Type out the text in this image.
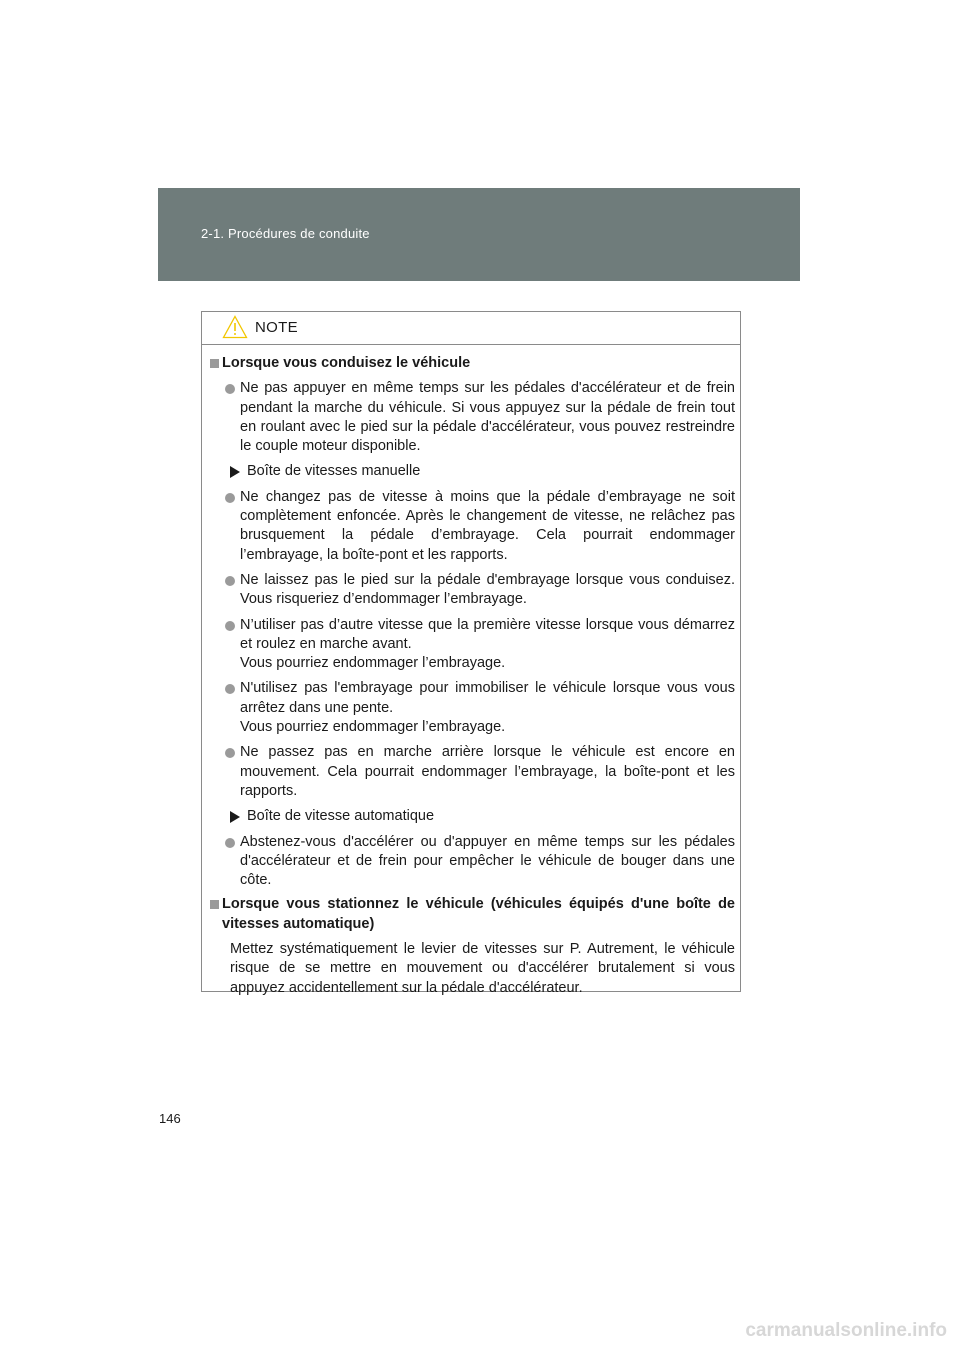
2-1. Procédures de conduite
NOTE
Lorsque vous conduisez le véhicule
Ne pas appuyer en même temps sur les pédales d'accélérateur et de frein pendant la marche du véhicule. Si vous appuyez sur la pédale de frein tout en roulant avec le pied sur la pédale d'accélérateur, vous pouvez restreindre le couple moteur disponible.
Boîte de vitesses manuelle
Ne changez pas de vitesse à moins que la pédale d’embrayage ne soit complètement enfoncée. Après le changement de vitesse, ne relâchez pas brusquement la pédale d’embrayage. Cela pourrait endommager l’embrayage, la boîte-pont et les rapports.
Ne laissez pas le pied sur la pédale d'embrayage lorsque vous conduisez. Vous risqueriez d’endommager l’embrayage.
N’utiliser pas d’autre vitesse que la première vitesse lorsque vous démarrez et roulez en marche avant.
Vous pourriez endommager l’embrayage.
N'utilisez pas l'embrayage pour immobiliser le véhicule lorsque vous vous arrêtez dans une pente.
Vous pourriez endommager l’embrayage.
Ne passez pas en marche arrière lorsque le véhicule est encore en mouvement. Cela pourrait endommager l’embrayage, la boîte-pont et les rapports.
Boîte de vitesse automatique
Abstenez-vous d'accélérer ou d'appuyer en même temps sur les pédales d'accélérateur et de frein pour empêcher le véhicule de bouger dans une côte.
Lorsque vous stationnez le véhicule (véhicules équipés d'une boîte de vitesses automatique)
Mettez systématiquement le levier de vitesses sur P. Autrement, le véhicule risque de se mettre en mouvement ou d'accélérer brutalement si vous appuyez accidentellement sur la pédale d'accélérateur.
146
carmanualsonline.info
